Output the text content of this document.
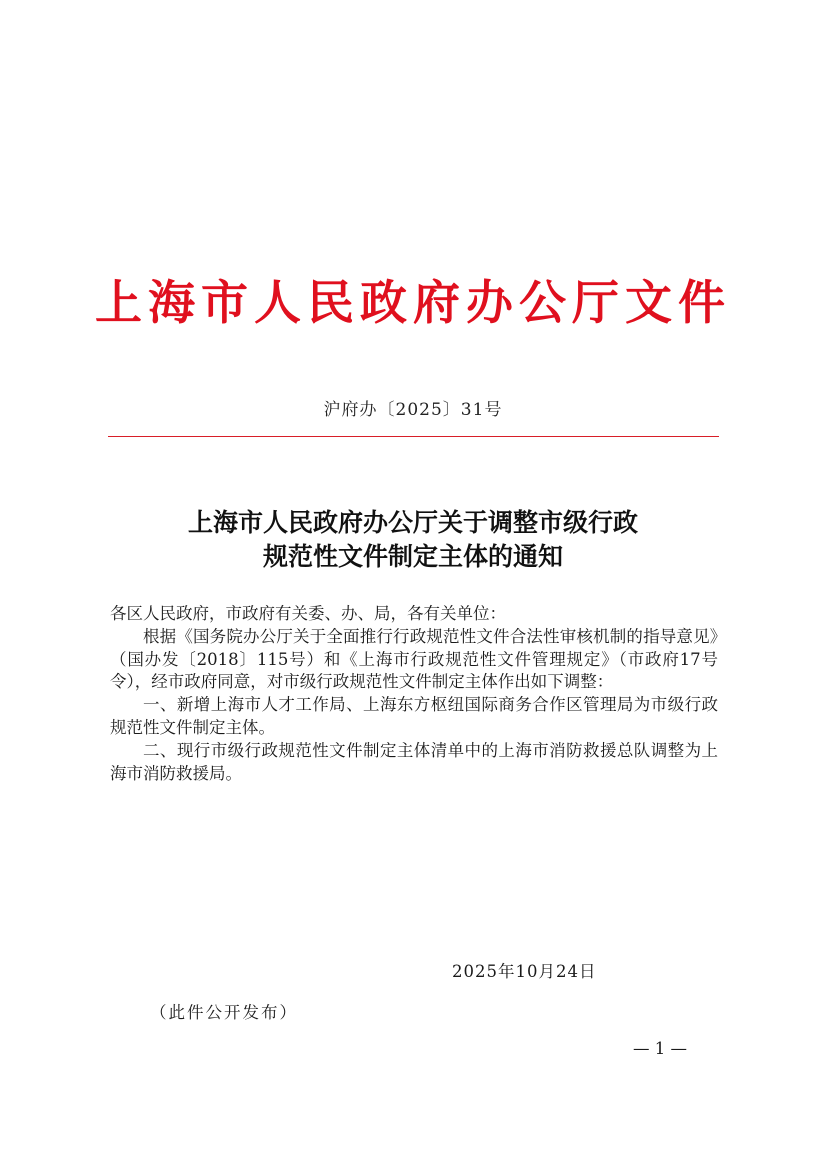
上海市人民政府办公厅文件
沪府办〔2025〕31号
上海市人民政府办公厅关于调整市级行政
规范性文件制定主体的通知

各区人民政府，市政府有关委、办、局，各有关单位：

根据《国务院办公厅关于全面推行行政规范性文件合法性审核机制的指导意见》（国办发〔2018〕115号）和《上海市行政规范性文件管理规定》（市政府17号令），经市政府同意，对市级行政规范性文件制定主体作出如下调整：

一、新增上海市人才工作局、上海东方枢纽国际商务合作区管理局为市级行政规范性文件制定主体。

二、现行市级行政规范性文件制定主体清单中的上海市消防救援总队调整为上海市消防救援局。

2025年10月24日
（此件公开发布）
— 1 —
